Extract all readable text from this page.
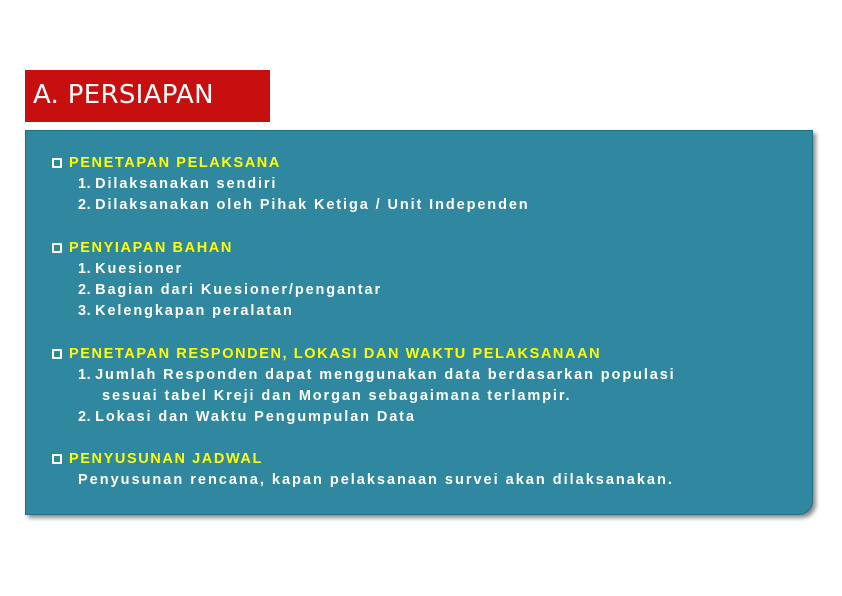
A. PERSIAPAN
PENETAPAN PELAKSANA
1. Dilaksanakan sendiri
2. Dilaksanakan oleh Pihak Ketiga / Unit Independen
PENYIAPAN BAHAN
1. Kuesioner
2. Bagian dari Kuesioner/pengantar
3. Kelengkapan peralatan
PENETAPAN RESPONDEN, LOKASI DAN WAKTU PELAKSANAAN
1. Jumlah Responden dapat menggunakan data berdasarkan populasi
sesuai tabel Kreji dan Morgan sebagaimana terlampir.
2. Lokasi dan Waktu Pengumpulan Data
PENYUSUNAN JADWAL
Penyusunan rencana, kapan pelaksanaan survei akan dilaksanakan.
